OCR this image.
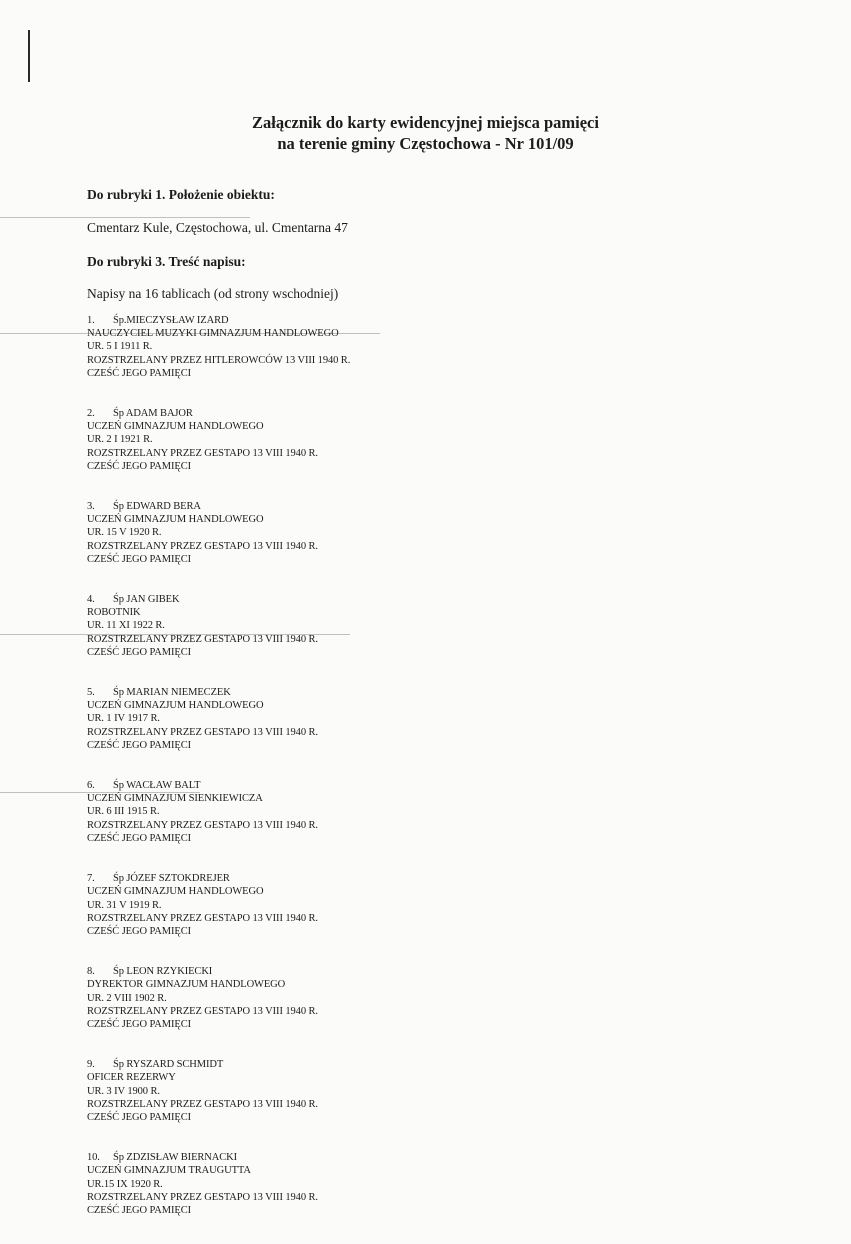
Załącznik do karty ewidencyjnej miejsca pamięci
na terenie gminy Częstochowa - Nr 101/09
Do rubryki 1. Położenie obiektu:
Cmentarz Kule, Częstochowa, ul. Cmentarna 47
Do rubryki 3. Treść napisu:
Napisy na 16 tablicach (od strony wschodniej)
1. Śp.MIECZYSŁAW IZARD
NAUCZYCIEL MUZYKI GIMNAZJUM HANDLOWEGO
UR. 5 I 1911 R.
ROZSTRZELANY PRZEZ HITLEROWCÓW 13 VIII 1940 R.
CZEŚĆ JEGO PAMIĘCI
2. Śp ADAM BAJOR
UCZEŃ GIMNAZJUM HANDLOWEGO
UR. 2 I 1921 R.
ROZSTRZELANY PRZEZ GESTAPO 13 VIII 1940 R.
CZEŚĆ JEGO PAMIĘCI
3. Śp EDWARD BERA
UCZEŃ GIMNAZJUM HANDLOWEGO
UR. 15 V 1920 R.
ROZSTRZELANY PRZEZ GESTAPO 13 VIII 1940 R.
CZEŚĆ JEGO PAMIĘCI
4. Śp JAN GIBEK
ROBOTNIK
UR. 11 XI 1922 R.
ROZSTRZELANY PRZEZ GESTAPO 13 VIII 1940 R.
CZEŚĆ JEGO PAMIĘCI
5. Śp MARIAN NIEMECZEK
UCZEŃ GIMNAZJUM HANDLOWEGO
UR. 1 IV 1917 R.
ROZSTRZELANY PRZEZ GESTAPO 13 VIII 1940 R.
CZEŚĆ JEGO PAMIĘCI
6. Śp WACŁAW BALT
UCZEŃ GIMNAZJUM SIENKIEWICZA
UR. 6 III 1915 R.
ROZSTRZELANY PRZEZ GESTAPO 13 VIII 1940 R.
CZEŚĆ JEGO PAMIĘCI
7. Śp JÓZEF SZTOKDREJER
UCZEŃ GIMNAZJUM HANDLOWEGO
UR. 31 V 1919 R.
ROZSTRZELANY PRZEZ GESTAPO 13 VIII 1940 R.
CZEŚĆ JEGO PAMIĘCI
8. Śp LEON RZYKIECKI
DYREKTOR GIMNAZJUM HANDLOWEGO
UR. 2 VIII 1902 R.
ROZSTRZELANY PRZEZ GESTAPO 13 VIII 1940 R.
CZEŚĆ JEGO PAMIĘCI
9. Śp RYSZARD SCHMIDT
OFICER REZERWY
UR. 3 IV 1900 R.
ROZSTRZELANY PRZEZ GESTAPO 13 VIII 1940 R.
CZEŚĆ JEGO PAMIĘCI
10. Śp ZDZISŁAW BIERNACKI
UCZEŃ GIMNAZJUM TRAUGUTTA
UR.15 IX 1920 R.
ROZSTRZELANY PRZEZ GESTAPO 13 VIII 1940 R.
CZEŚĆ JEGO PAMIĘCI
